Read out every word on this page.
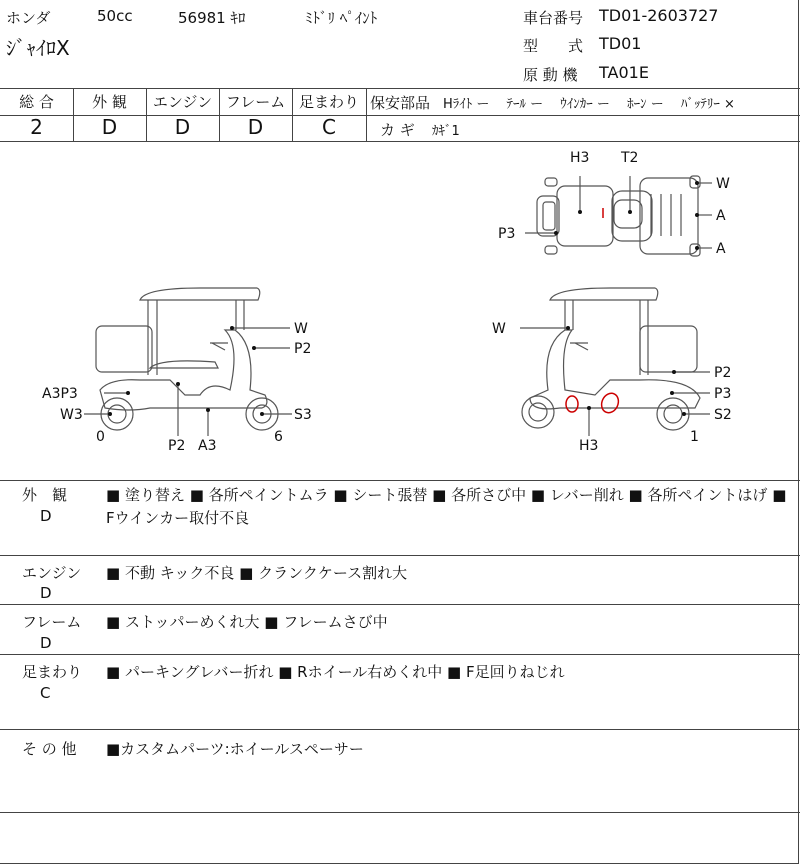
ホンダ	50cc	56981 ｷﾛ	ﾐﾄﾞﾘ ﾍﾟｲﾝﾄ
ｼﾞｬｲﾛX
車台番号 TD01-2603727
型　　式 TD01
原 動 機 TA01E
総 合	外 観	エンジン フレーム 足まわり
2	D	D	D	C
保安部品 Hﾗｲﾄ ー　 ﾃｰﾙ ー　 ｳｲﾝｶｰ ー　 ﾎｰﾝ ー　 ﾊﾞｯﾃﾘｰ ×
カ ギ ｶｷﾞ1
H3 T2
W
A
A
P3
W
P2
A3P3
W3	S3
0
P2 A3
6
W
P2
P3
S2
H3
1
外　観
D
■ 塗り替え ■ 各所ペイントムラ ■ シート張替 ■ 各所さび中 ■ レバー削れ ■ 各所ペイントはげ ■
Fウインカー取付不良
エンジン
D
■ 不動 キック不良 ■ クランクケース割れ大
フレーム
D
■ ストッパーめくれ大 ■ フレームさび中
足まわり
C
■ パーキングレバー折れ ■ Rホイール右めくれ中 ■ F足回りねじれ
そ の 他 ■カスタムパーツ:ホイールスペーサー
